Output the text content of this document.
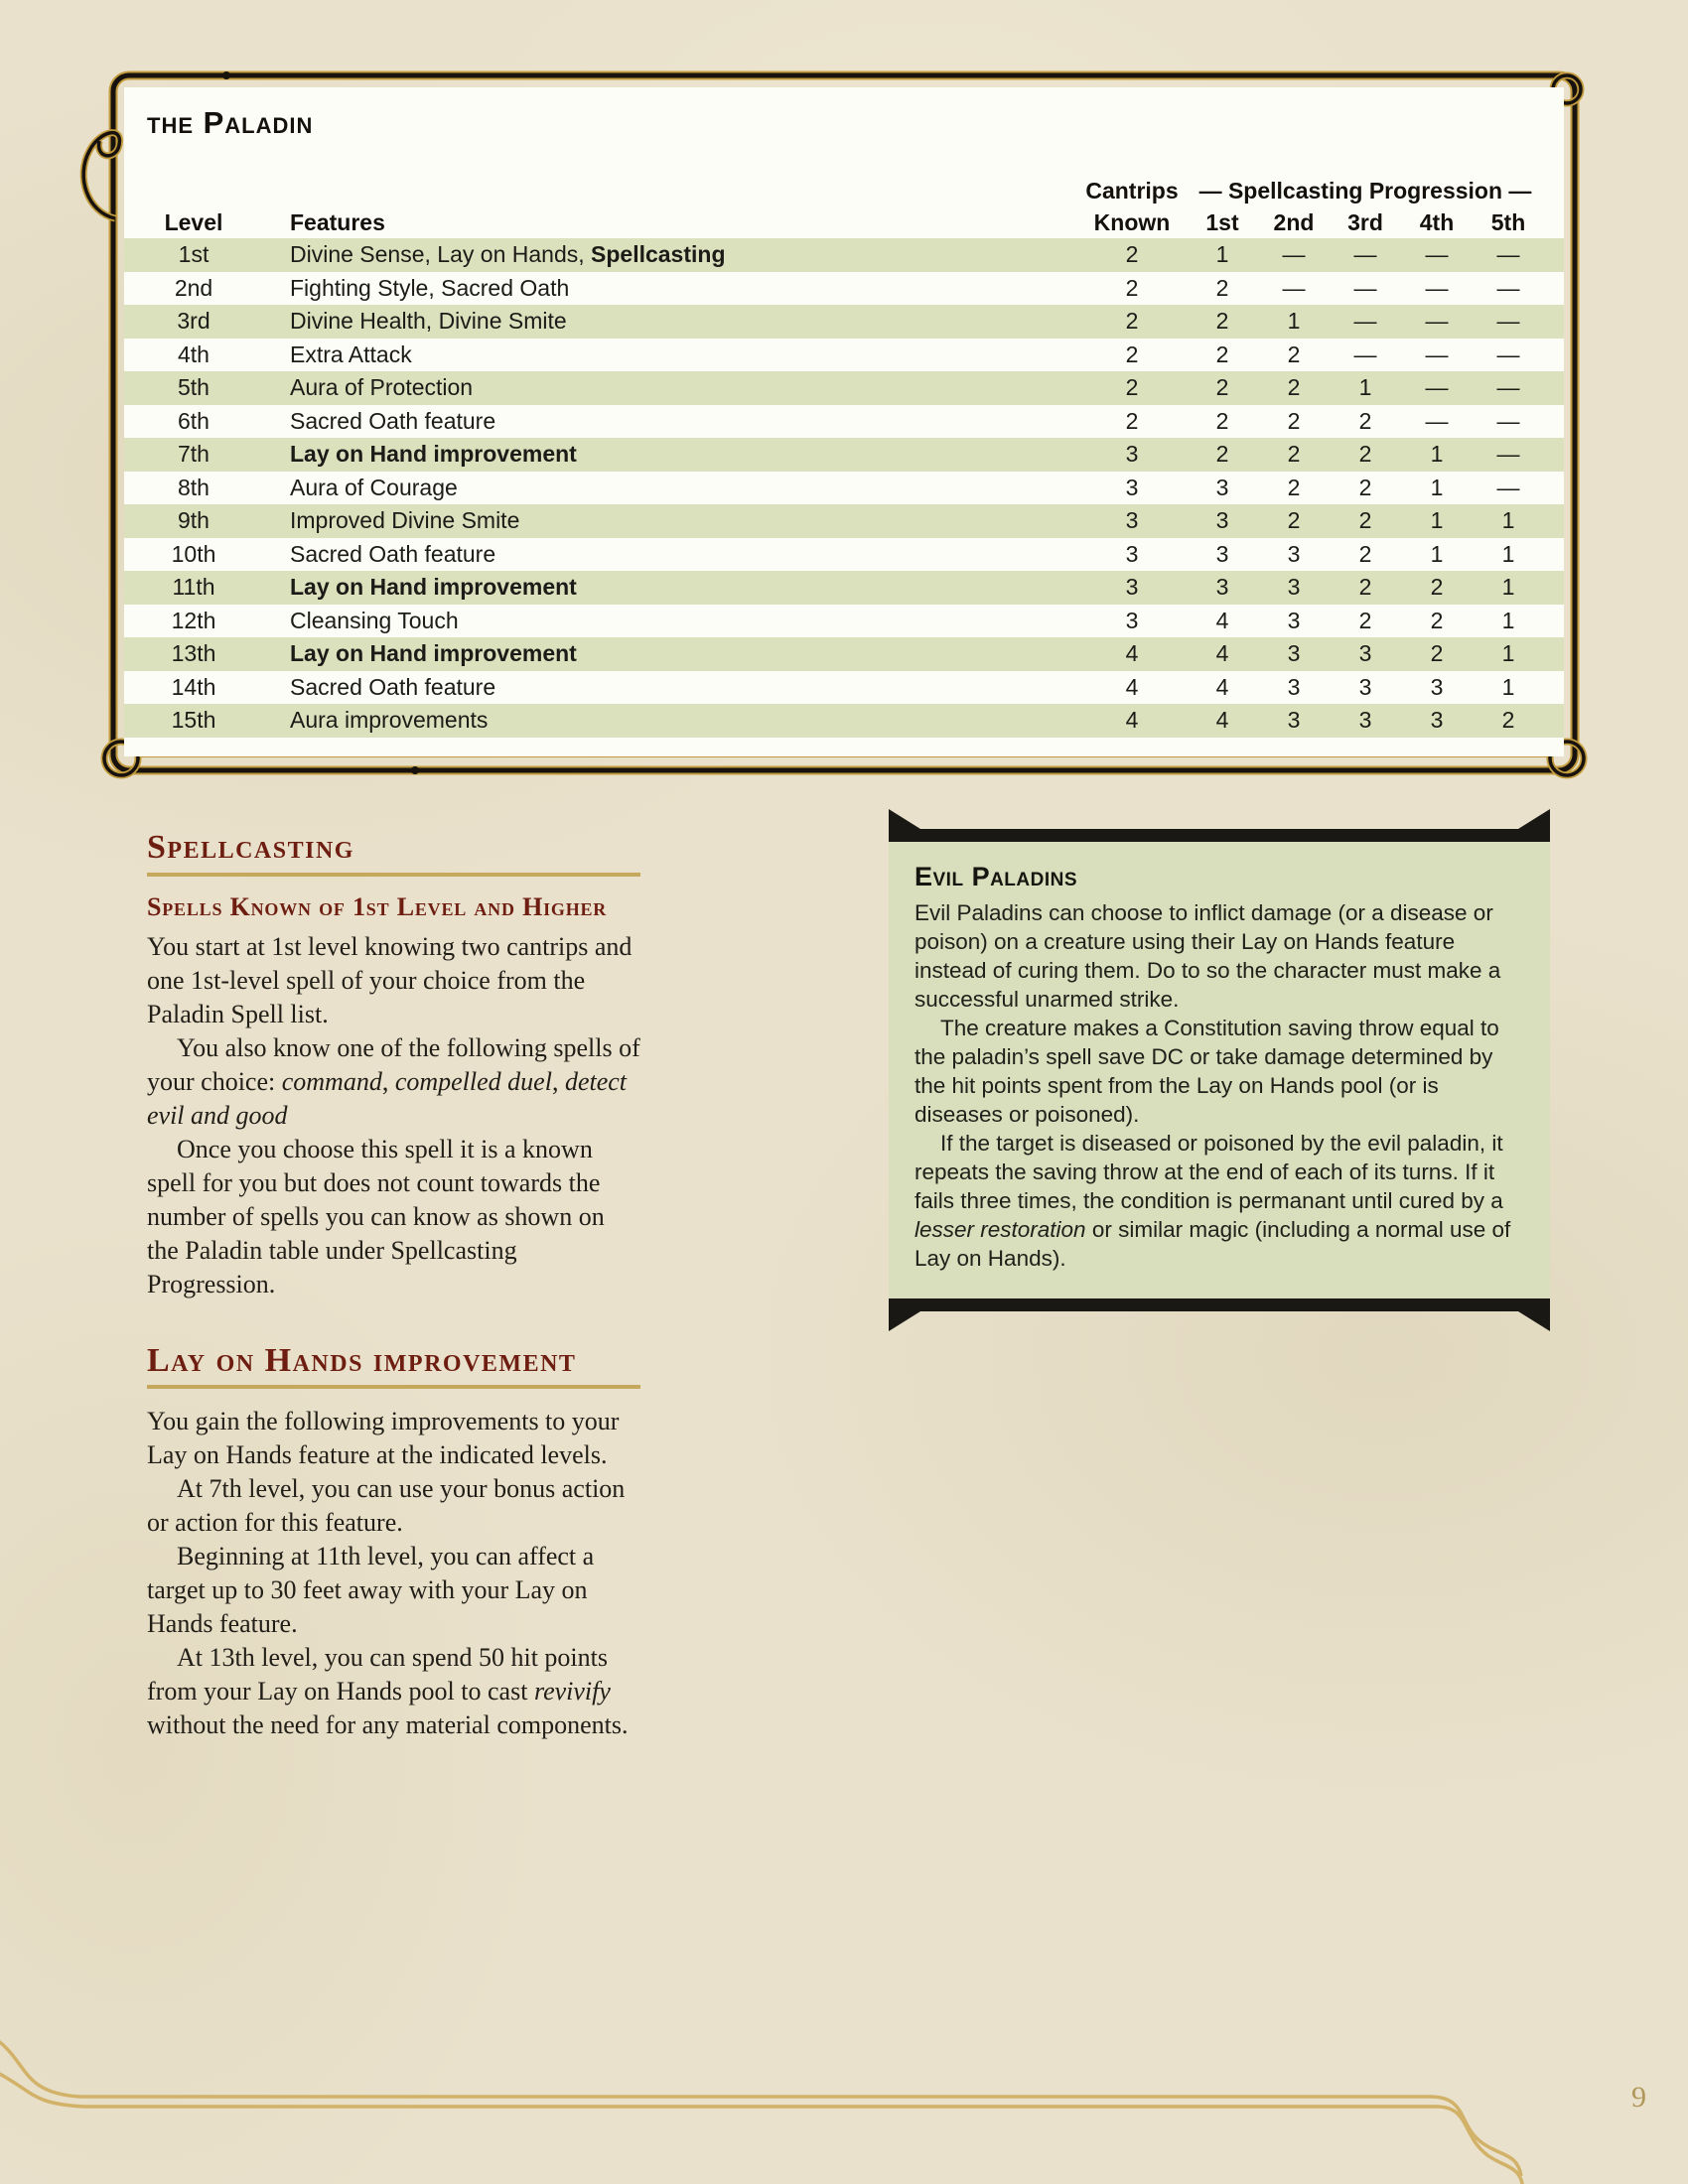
the Paladin
Cantrips — Spellcasting Progression —
Level	Features	Known	1st	2nd	3rd	4th	5th
1st	Divine Sense, Lay on Hands, Spellcasting	2	1	—	—	—	—
2nd	Fighting Style, Sacred Oath	2	2	—	—	—	—
3rd	Divine Health, Divine Smite	2	2	1	—	—	—
4th	Extra Attack	2	2	2	—	—	—
5th	Aura of Protection	2	2	2	1	—	—
6th	Sacred Oath feature	2	2	2	2	—	—
7th	Lay on Hand improvement	3	2	2	2	1	—
8th	Aura of Courage	3	3	2	2	1	—
9th	Improved Divine Smite	3	3	2	2	1	1
10th	Sacred Oath feature	3	3	3	2	1	1
11th	Lay on Hand improvement	3	3	3	2	2	1
12th	Cleansing Touch	3	4	3	2	2	1
13th	Lay on Hand improvement	4	4	3	3	2	1
14th	Sacred Oath feature	4	4	3	3	3	1
15th	Aura improvements	4	4	3	3	3	2
Spellcasting
Spells Known of 1st Level and Higher

You start at 1st level knowing two cantrips and one 1st-level spell of your choice from the Paladin Spell list.

You also know one of the following spells of your choice: command, compelled duel, detect evil and good

Once you choose this spell it is a known spell for you but does not count towards the number of spells you can know as shown on the Paladin table under Spellcasting Progression.

Lay on Hands improvement

You gain the following improvements to your Lay on Hands feature at the indicated levels.

At 7th level, you can use your bonus action or action for this feature.

Beginning at 11th level, you can affect a target up to 30 feet away with your Lay on Hands feature.

At 13th level, you can spend 50 hit points from your Lay on Hands pool to cast revivify without the need for any material components.

Evil Paladins

Evil Paladins can choose to inflict damage (or a disease or poison) on a creature using their Lay on Hands feature instead of curing them. Do to so the character must make a successful unarmed strike.

The creature makes a Constitution saving throw equal to the paladin’s spell save DC or take damage determined by the hit points spent from the Lay on Hands pool (or is diseases or poisoned).

If the target is diseased or poisoned by the evil paladin, it repeats the saving throw at the end of each of its turns. If it fails three times, the condition is permanant until cured by a lesser restoration or similar magic (including a normal use of Lay on Hands).

9
